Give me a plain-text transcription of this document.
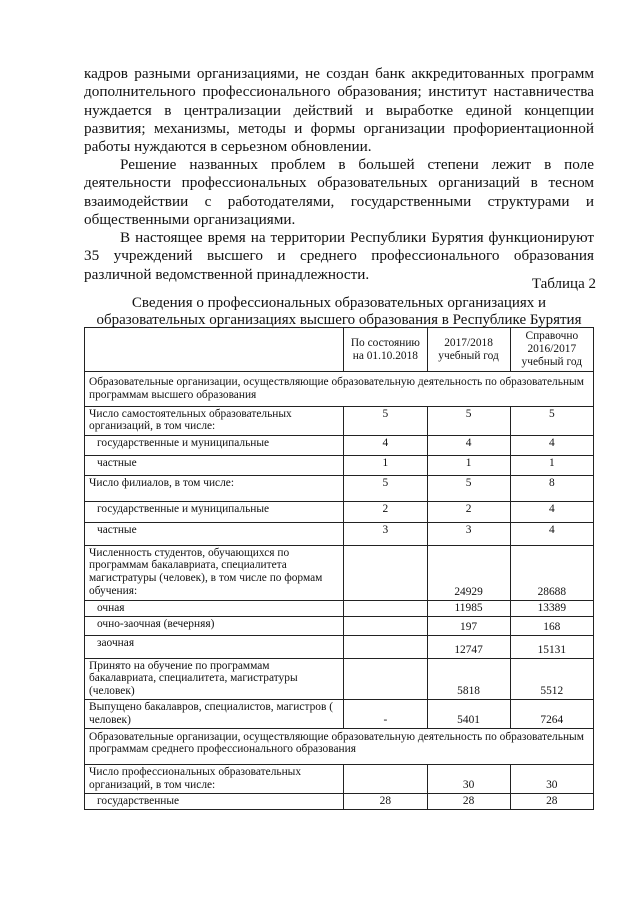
кадров разными организациями, не создан банк аккредитованных программ дополнительного профессионального образования; институт наставничества нуждается в централизации действий и выработке единой концепции развития; механизмы, методы и формы организации профориентационной работы нуждаются в серьезном обновлении.

Решение названных проблем в большей степени лежит в поле деятельности профессиональных образовательных организаций в тесном взаимодействии с работодателями, государственными структурами и общественными организациями.

В настоящее время на территории Республики Бурятия функционируют 35 учреждений высшего и среднего профессионального образования различной ведомственной принадлежности.

Таблица 2

Сведения о профессиональных образовательных организациях и образовательных организациях высшего образования в Республике Бурятия

	По состоянию на 01.10.2018	2017/2018 учебный год	Справочно 2016/2017 учебный год
Образовательные организации, осуществляющие образовательную деятельность по образовательным программам высшего образования			
Число самостоятельных образовательных организаций, в том числе:	5	5	5
государственные и муниципальные	4	4	4
частные	1	1	1
Число филиалов, в том числе:	5	5	8
государственные и муниципальные	2	2	4
частные	3	3	4
Численность студентов, обучающихся по программам бакалавриата, специалитета магистратуры (человек), в том числе по формам обучения:		24929	28688
очная		11985	13389
очно-заочная (вечерняя)		197	168
заочная		12747	15131
Принято на обучение по программам бакалавриата, специалитета, магистратуры (человек)		5818	5512
Выпущено бакалавров, специалистов, магистров ( человек)	-	5401	7264
Образовательные организации, осуществляющие образовательную деятельность по образовательным программам среднего профессионального образования			
Число профессиональных образовательных организаций, в том числе:		30	30
государственные	28	28	28
